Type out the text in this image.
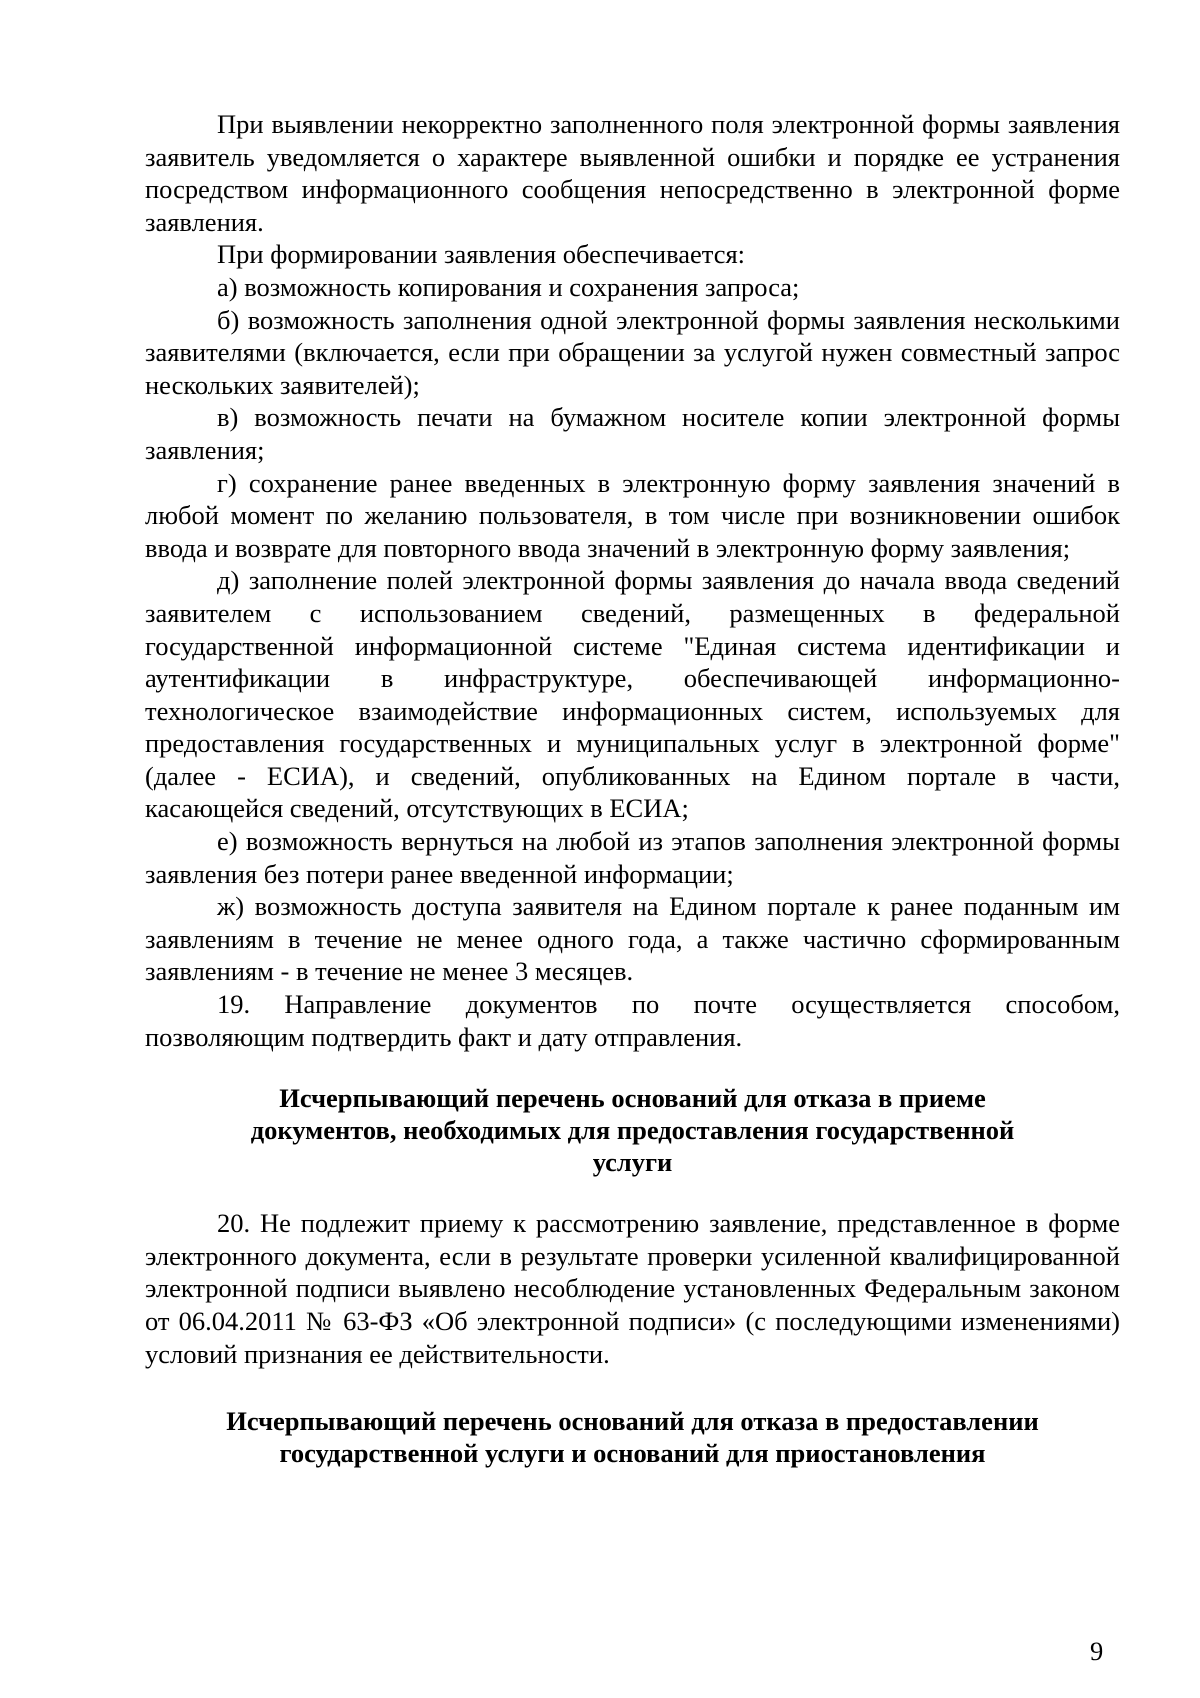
При выявлении некорректно заполненного поля электронной формы заявления заявитель уведомляется о характере выявленной ошибки и порядке ее устранения посредством информационного сообщения непосредственно в электронной форме заявления.

При формировании заявления обеспечивается:

а) возможность копирования и сохранения запроса;

б) возможность заполнения одной электронной формы заявления несколькими заявителями (включается, если при обращении за услугой нужен совместный запрос нескольких заявителей);

в) возможность печати на бумажном носителе копии электронной формы заявления;

г) сохранение ранее введенных в электронную форму заявления значений в любой момент по желанию пользователя, в том числе при возникновении ошибок ввода и возврате для повторного ввода значений в электронную форму заявления;

д) заполнение полей электронной формы заявления до начала ввода сведений заявителем с использованием сведений, размещенных в федеральной государственной информационной системе "Единая система идентификации и аутентификации в инфраструктуре, обеспечивающей информационно-технологическое взаимодействие информационных систем, используемых для предоставления государственных и муниципальных услуг в электронной форме" (далее - ЕСИА), и сведений, опубликованных на Едином портале в части, касающейся сведений, отсутствующих в ЕСИА;

е) возможность вернуться на любой из этапов заполнения электронной формы заявления без потери ранее введенной информации;

ж) возможность доступа заявителя на Едином портале к ранее поданным им заявлениям в течение не менее одного года, а также частично сформированным заявлениям - в течение не менее 3 месяцев.

19. Направление документов по почте осуществляется способом, позволяющим подтвердить факт и дату отправления.

Исчерпывающий перечень оснований для отказа в приеме документов, необходимых для предоставления государственной услуги

20. Не подлежит приему к рассмотрению заявление, представленное в форме электронного документа, если в результате проверки усиленной квалифицированной электронной подписи выявлено несоблюдение установленных Федеральным законом от 06.04.2011 № 63-ФЗ «Об электронной подписи» (с последующими изменениями) условий признания ее действительности.

Исчерпывающий перечень оснований для отказа в предоставлении государственной услуги и оснований для приостановления
9
